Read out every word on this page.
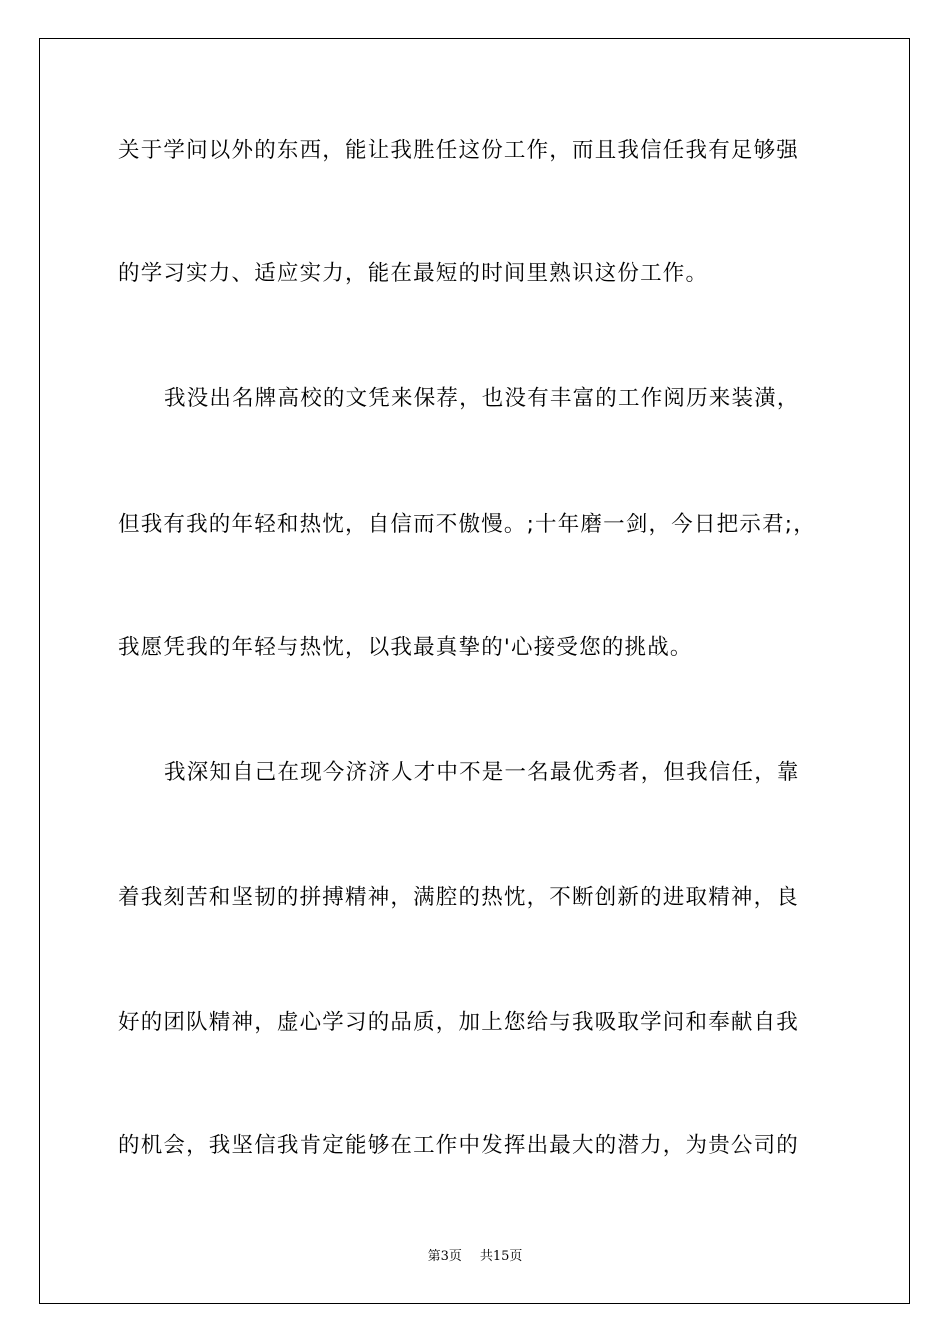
关于学问以外的东西，能让我胜任这份工作，而且我信任我有足够强
的学习实力、适应实力，能在最短的时间里熟识这份工作。
我没出名牌高校的文凭来保荐，也没有丰富的工作阅历来装潢，
但我有我的年轻和热忱，自信而不傲慢。;十年磨一剑，今日把示君;，
我愿凭我的年轻与热忱，以我最真挚的'心接受您的挑战。
我深知自己在现今济济人才中不是一名最优秀者，但我信任，靠
着我刻苦和坚韧的拼搏精神，满腔的热忱，不断创新的进取精神，良
好的团队精神，虚心学习的品质，加上您给与我吸取学问和奉献自我
的机会，我坚信我肯定能够在工作中发挥出最大的潜力，为贵公司的
第3页 共15页
